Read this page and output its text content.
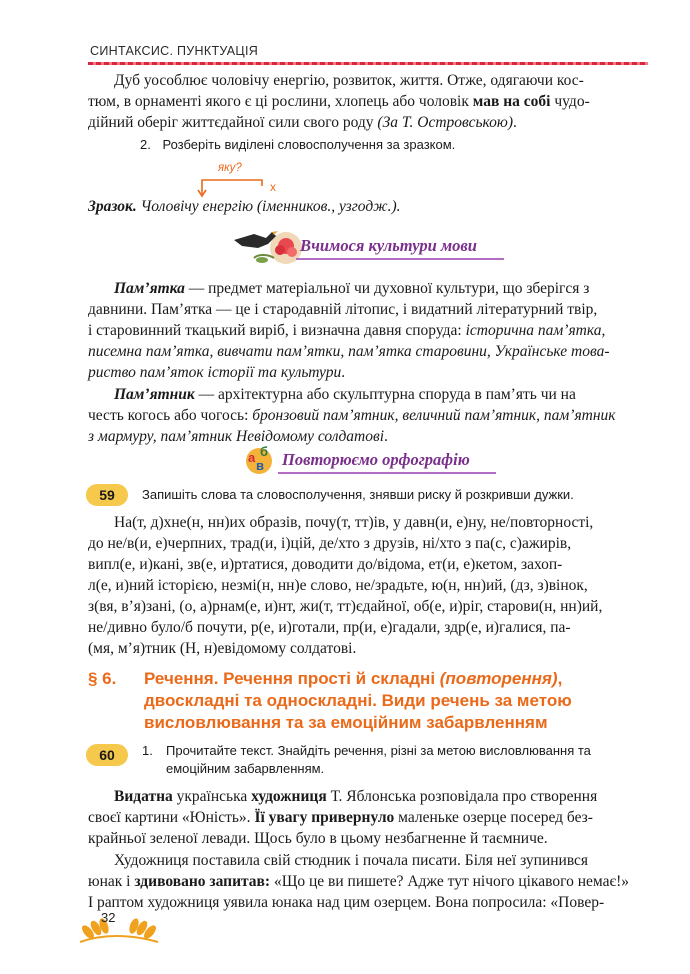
СИНТАКСИС. ПУНКТУАЦІЯ

Дуб уособлює чоловічу енергію, розвиток, життя. Отже, одягаючи кос-

тюм, в орнаменті якого є ці рослини, хлопець або чоловік мав на собі чудо-

дійний оберіг життєдайної сили свого роду (За Т. Островською).

2. Розберіть виділені словосполучення за зразком.
яку?
х
Зразок. Чоловічу енергію (іменников., узгодж.).
Вчимося культури мови

Пам’ятка — предмет матеріальної чи духовної культури, що зберігся з

давнини. Пам’ятка — це і стародавній літопис, і видатний літературний твір,

і старовинний ткацький виріб, і визначна давня споруда: історична пам’ятка,

писемна пам’ятка, вивчати пам’ятки, пам’ятка старовини, Українське това-

риство пам’яток історії та культури.

Пам’ятник — архітектурна або скульптурна споруда в пам’ять чи на

честь когось або чогось: бронзовий пам’ятник, величний пам’ятник, пам’ятник

з мармуру, пам’ятник Невідомому солдатові.

а б
в Повторюємо орфографію
59	Запишіть слова та словосполучення, знявши риску й розкривши дужки.

На(т, д)хне(н, нн)их образів, почу(т, тт)ів, у давн(и, е)ну, не/повторності,

до не/в(и, е)черпних, трад(и, і)цій, де/хто з друзів, ні/хто з па(с, с)ажирів,

випл(е, и)кані, зв(е, и)ртатися, доводити до/відома, ет(и, е)кетом, захоп-

л(е, и)ний історією, незмі(н, нн)е слово, не/зрадьте, ю(н, нн)ий, (дз, з)вінок,

з(вя, в’я)зані, (о, а)рнам(е, и)нт, жи(т, тт)єдайної, об(е, и)ріг, старови(н, нн)ий,

не/дивно було/б почути, р(е, и)готали, пр(и, е)гадали, здр(е, и)галися, па-

(мя, м’я)тник (Н, н)евідомому солдатові.

§ 6. Речення. Речення прості й складні (повторення),
двоскладні та односкладні. Види речень за метою
висловлювання та за емоційним забарвленням
60	1. Прочитайте текст. Знайдіть речення, різні за метою висловлювання та
емоційним забарвленням.

Видатна українська художниця Т. Яблонська розповідала про створення

своєї картини «Юність». Її увагу привернуло маленьке озерце посеред без-

крайньої зеленої левади. Щось було в цьому незбагненне й таємниче.

Художниця поставила свій стюдник і почала писати. Біля неї зупинився

юнак і здивовано запитав: «Що це ви пишете? Адже тут нічого цікавого немає!»

І раптом художниця уявила юнака над цим озерцем. Вона попросила: «Повер-

32
